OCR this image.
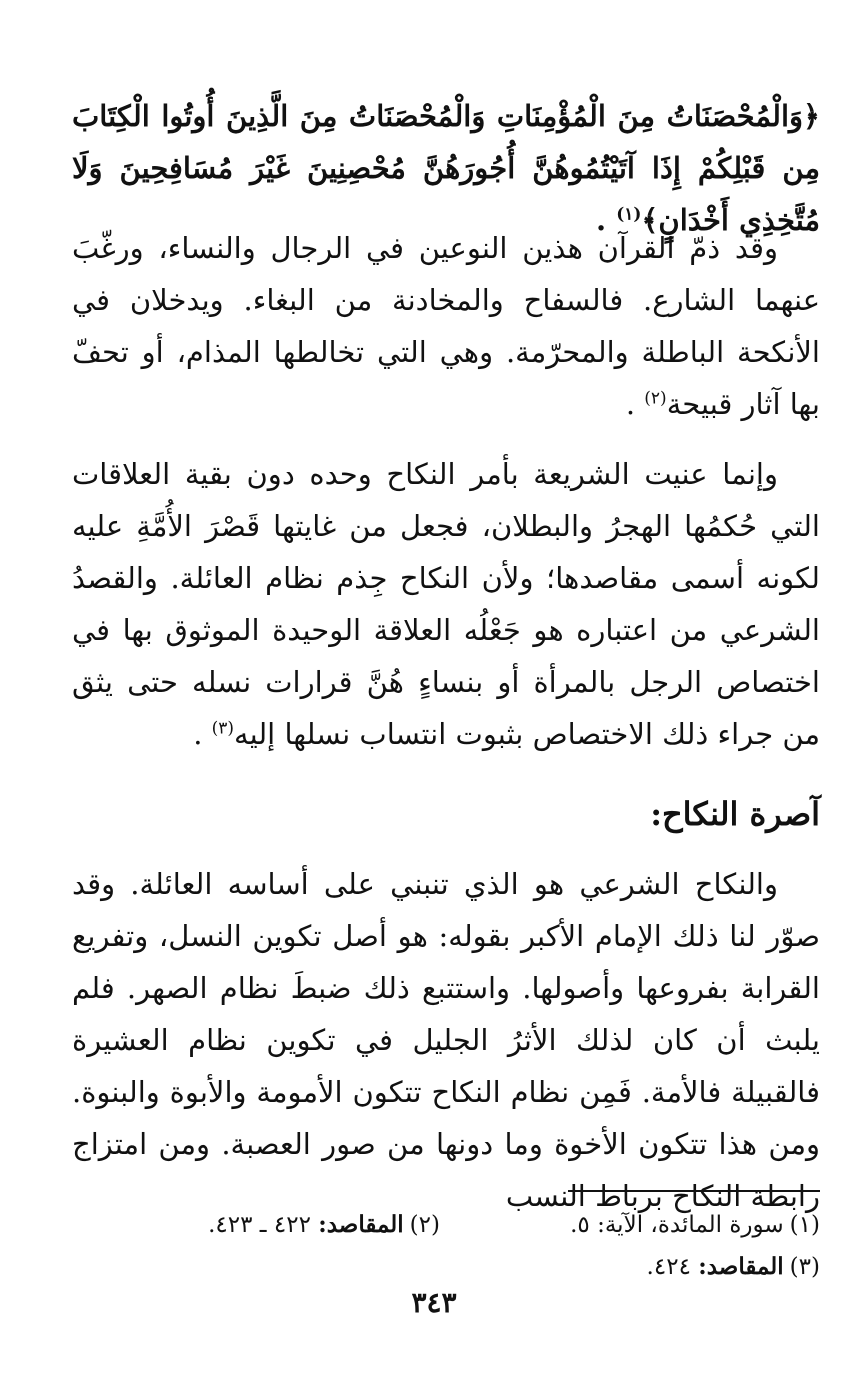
﴿وَالْمُحْصَنَاتُ مِنَ الْمُؤْمِنَاتِ وَالْمُحْصَنَاتُ مِنَ الَّذِينَ أُوتُوا الْكِتَابَ مِن قَبْلِكُمْ إِذَا آتَيْتُمُوهُنَّ أُجُورَهُنَّ مُحْصِنِينَ غَيْرَ مُسَافِحِينَ وَلَا مُتَّخِذِي أَخْدَانٍ﴾$^{(١)}$ .
وقد ذمّ القرآن هذين النوعين في الرجال والنساء، ورغّبَ عنهما الشارع. فالسفاح والمخادنة من البغاء. ويدخلان في الأنكحة الباطلة والمحرّمة. وهي التي تخالطها المذام، أو تحفّ بها آثار قبيحة$^{(٢)}$ .
وإنما عنيت الشريعة بأمر النكاح وحده دون بقية العلاقات التي حُكمُها الهجرُ والبطلان، فجعل من غايتها قَصْرَ الأُمَّةِ عليه لكونه أسمى مقاصدها؛ ولأن النكاح جِذم نظام العائلة. والقصدُ الشرعي من اعتباره هو جَعْلُه العلاقة الوحيدة الموثوق بها في اختصاص الرجل بالمرأة أو بنساءٍ هُنَّ قرارات نسله حتى يثق من جراء ذلك الاختصاص بثبوت انتساب نسلها إليه$^{(٣)}$ .
آصرة النكاح:
والنكاح الشرعي هو الذي تنبني على أساسه العائلة. وقد صوّر لنا ذلك الإمام الأكبر بقوله: هو أصل تكوين النسل، وتفريع القرابة بفروعها وأصولها. واستتبع ذلك ضبطَ نظام الصهر. فلم يلبث أن كان لذلك الأثرُ الجليل في تكوين نظام العشيرة فالقبيلة فالأمة. فَمِن نظام النكاح تتكون الأمومة والأبوة والبنوة. ومن هذا تتكون الأخوة وما دونها من صور العصبة. ومن امتزاج رابطة النكاح برباط النسب
(١)سورة المائدة، الآية: ٥.
(٢)المقاصد: ٤٢٢ ـ ٤٢٣.
(٣)المقاصد: ٤٢٤.
٣٤٣
